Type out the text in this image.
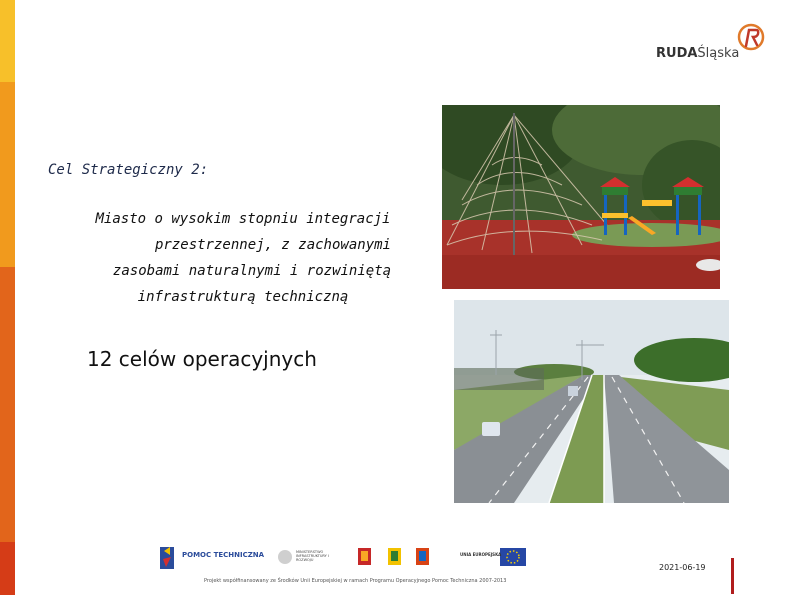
RUDAŚląska
Cel Strategiczny 2:
Miasto o wysokim stopniu integracji
przestrzennej, z zachowanymi
zasobami naturalnymi i rozwiniętą
infrastrukturą techniczną
12 celów operacyjnych
POMOC TECHNICZNA	MINISTERSTWO INFRASTRUKTURY I ROZWOJU
UNIA EUROPEJSKA
Projekt współfinansowany ze Środków Unii Europejskiej w ramach Programu Operacyjnego Pomoc Techniczna 2007-2013
2021-06-19
